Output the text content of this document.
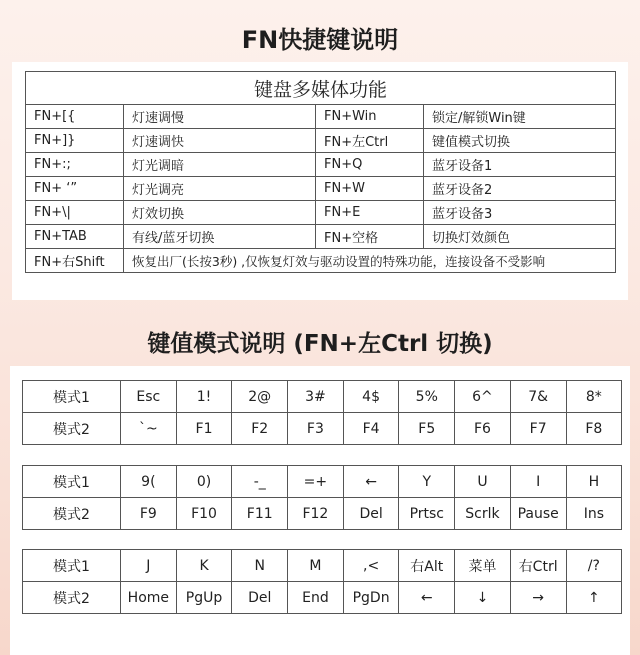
FN快捷键说明
键盘多媒体功能			
FN+[{	灯速调慢	FN+Win	锁定/解锁Win键
FN+]}	灯速调快	FN+左Ctrl	键值模式切换
FN+:;	灯光调暗	FN+Q	蓝牙设备1
FN+ ‘”	灯光调亮	FN+W	蓝牙设备2
FN+\|	灯效切换	FN+E	蓝牙设备3
FN+TAB	有线/蓝牙切换	FN+空格	切换灯效颜色
FN+右Shift	恢复出厂(长按3秒) ,仅恢复灯效与驱动设置的特殊功能，连接设备不受影响		
键值模式说明 (FN+左Ctrl 切换)
模式1	Esc	1!	2@	3#	4$	5%	6^	7&	8*
模式2	`~	F1	F2	F3	F4	F5	F6	F7	F8
模式1	9(	0)	-_	=+	←	Y	U	I	H
模式2	F9	F10	F11	F12	Del	Prtsc	Scrlk	Pause	Ins
模式1	J	K	N	M	,<	右Alt	菜单	右Ctrl	/?
模式2	Home	PgUp	Del	End	PgDn	←	↓	→	↑
